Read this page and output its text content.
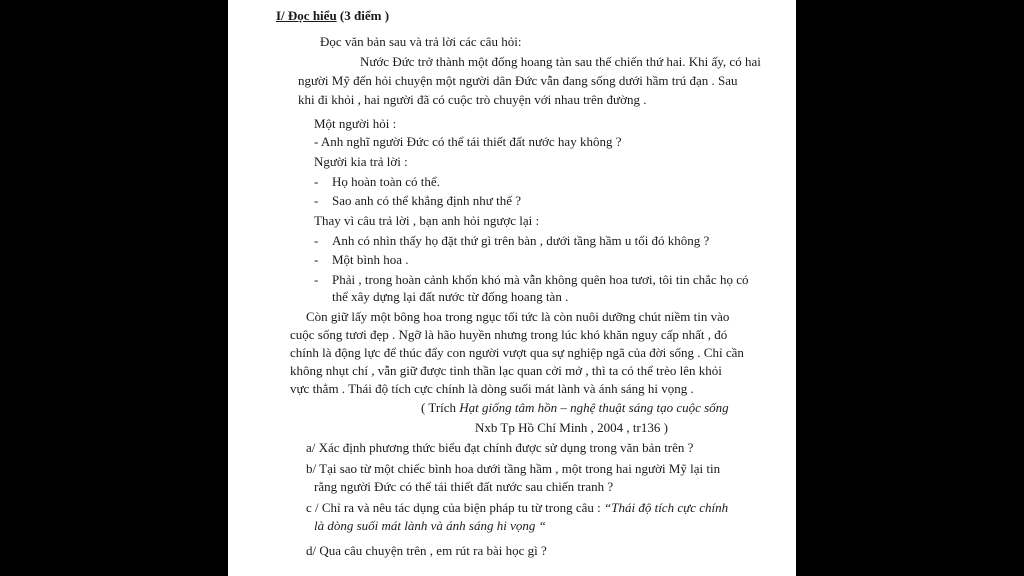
I/ Đọc hiểu (3 điểm )
Đọc văn bản sau và trả lời các câu hỏi:
Nước Đức trở thành một đống hoang tàn sau thế chiến thứ hai. Khi ấy, có hai
người Mỹ đến hỏi chuyện một người dân Đức vẫn đang sống dưới hầm trú đạn . Sau
khi đi khỏi , hai người đã có cuộc trò chuyện với nhau trên đường .
Một người hỏi :
- Anh nghĩ người Đức có thể tái thiết đất nước hay không ?
Người kia trả lời :
- Họ hoàn toàn có thể.
- Sao anh có thể khẳng định như thế ?
Thay vì câu trả lời , bạn anh hỏi ngược lại :
- Anh có nhìn thấy họ đặt thứ gì trên bàn , dưới tầng hầm u tối đó không ?
- Một bình hoa .
- Phải , trong hoàn cảnh khốn khó mà vẫn không quên hoa tươi, tôi tin chắc họ có
thể xây dựng lại đất nước từ đống hoang tàn .
Còn giữ lấy một bông hoa trong ngục tối tức là còn nuôi dưỡng chút niềm tin vào
cuộc sống tươi đẹp . Ngỡ là hão huyền nhưng trong lúc khó khăn nguy cấp nhất , đó
chính là động lực để thúc đẩy con người vượt qua sự nghiệp ngã của đời sống . Chỉ cần
không nhụt chí , vẫn giữ được tinh thần lạc quan cởi mở , thì ta có thể trèo lên khỏi
vực thẳm . Thái độ tích cực chính là dòng suối mát lành và ánh sáng hi vọng .
( Trích Hạt giống tâm hồn – nghệ thuật sáng tạo cuộc sống
Nxb Tp Hồ Chí Minh , 2004 , tr136 )
a/ Xác định phương thức biểu đạt chính được sử dụng trong văn bản trên ?
b/ Tại sao từ một chiếc bình hoa dưới tầng hầm , một trong hai người Mỹ lại tin
rằng người Đức có thể tái thiết đất nước sau chiến tranh ?
c / Chỉ ra và nêu tác dụng của biện pháp tu từ trong câu : “Thái độ tích cực chính
là dòng suối mát lành và ánh sáng hi vọng “
d/ Qua câu chuyện trên , em rút ra bài học gì ?
